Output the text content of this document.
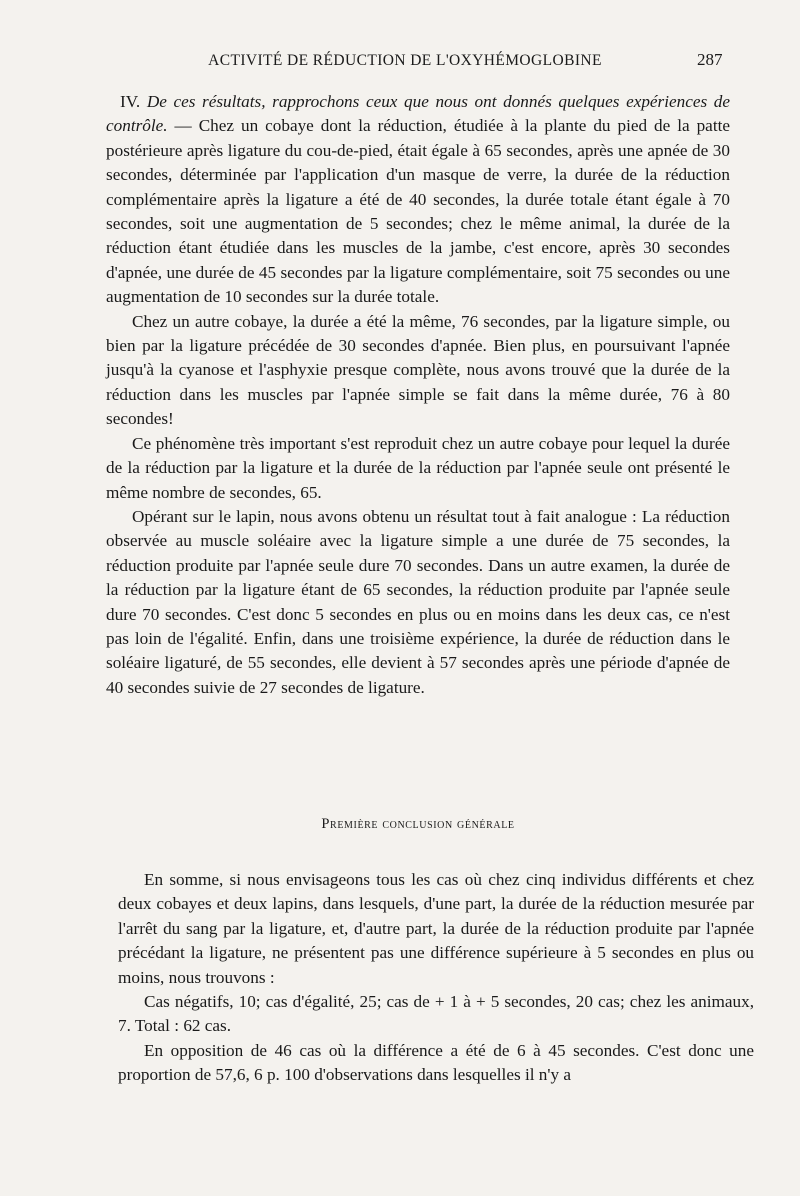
ACTIVITÉ DE RÉDUCTION DE L'OXYHÉMOGLOBINE	287

IV. De ces résultats, rapprochons ceux que nous ont donnés quelques expériences de contrôle. — Chez un cobaye dont la réduction, étudiée à la plante du pied de la patte postérieure après ligature du cou-de-pied, était égale à 65 secondes, après une apnée de 30 secondes, déterminée par l'application d'un masque de verre, la durée de la réduction complémentaire après la ligature a été de 40 secondes, la durée totale étant égale à 70 secondes, soit une augmentation de 5 secondes; chez le même animal, la durée de la réduction étant étudiée dans les muscles de la jambe, c'est encore, après 30 secondes d'apnée, une durée de 45 secondes par la ligature complémentaire, soit 75 secondes ou une augmentation de 10 secondes sur la durée totale.

Chez un autre cobaye, la durée a été la même, 76 secondes, par la ligature simple, ou bien par la ligature précédée de 30 secondes d'apnée. Bien plus, en poursuivant l'apnée jusqu'à la cyanose et l'asphyxie presque complète, nous avons trouvé que la durée de la réduction dans les muscles par l'apnée simple se fait dans la même durée, 76 à 80 secondes!

Ce phénomène très important s'est reproduit chez un autre cobaye pour lequel la durée de la réduction par la ligature et la durée de la réduction par l'apnée seule ont présenté le même nombre de secondes, 65.

Opérant sur le lapin, nous avons obtenu un résultat tout à fait analogue : La réduction observée au muscle soléaire avec la ligature simple a une durée de 75 secondes, la réduction produite par l'apnée seule dure 70 secondes. Dans un autre examen, la durée de la réduction par la ligature étant de 65 secondes, la réduction produite par l'apnée seule dure 70 secondes. C'est donc 5 secondes en plus ou en moins dans les deux cas, ce n'est pas loin de l'égalité. Enfin, dans une troisième expérience, la durée de réduction dans le soléaire ligaturé, de 55 secondes, elle devient à 57 secondes après une période d'apnée de 40 secondes suivie de 27 secondes de ligature.

Première conclusion générale

En somme, si nous envisageons tous les cas où chez cinq individus différents et chez deux cobayes et deux lapins, dans lesquels, d'une part, la durée de la réduction mesurée par l'arrêt du sang par la ligature, et, d'autre part, la durée de la réduction produite par l'apnée précédant la ligature, ne présentent pas une différence supérieure à 5 secondes en plus ou moins, nous trouvons :

Cas négatifs, 10; cas d'égalité, 25; cas de + 1 à + 5 secondes, 20 cas; chez les animaux, 7. Total : 62 cas.

En opposition de 46 cas où la différence a été de 6 à 45 secondes. C'est donc une proportion de 57,6, 6 p. 100 d'observations dans lesquelles il n'y a
